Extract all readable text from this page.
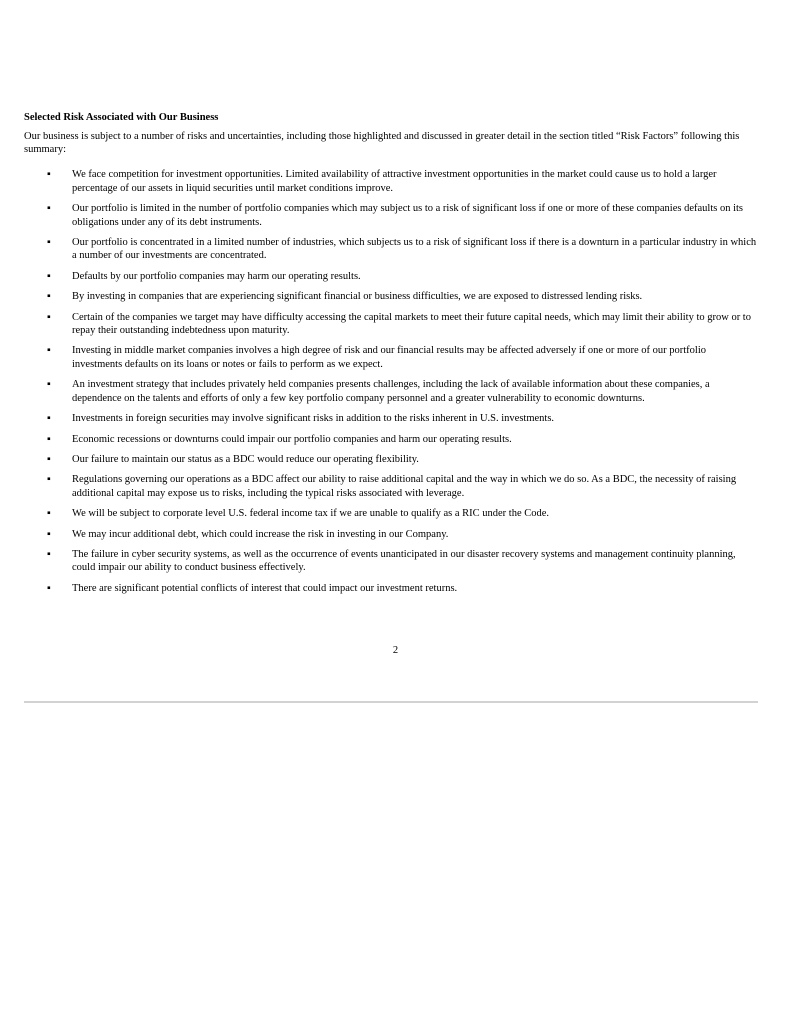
Selected Risk Associated with Our Business
Our business is subject to a number of risks and uncertainties, including those highlighted and discussed in greater detail in the section titled “Risk Factors” following this summary:
▪ We face competition for investment opportunities. Limited availability of attractive investment opportunities in the market could cause us to hold a larger percentage of our assets in liquid securities until market conditions improve.
▪ Our portfolio is limited in the number of portfolio companies which may subject us to a risk of significant loss if one or more of these companies defaults on its obligations under any of its debt instruments.
▪ Our portfolio is concentrated in a limited number of industries, which subjects us to a risk of significant loss if there is a downturn in a particular industry in which a number of our investments are concentrated.
▪ Defaults by our portfolio companies may harm our operating results.
▪ By investing in companies that are experiencing significant financial or business difficulties, we are exposed to distressed lending risks.
▪ Certain of the companies we target may have difficulty accessing the capital markets to meet their future capital needs, which may limit their ability to grow or to repay their outstanding indebtedness upon maturity.
▪ Investing in middle market companies involves a high degree of risk and our financial results may be affected adversely if one or more of our portfolio investments defaults on its loans or notes or fails to perform as we expect.
▪ An investment strategy that includes privately held companies presents challenges, including the lack of available information about these companies, a dependence on the talents and efforts of only a few key portfolio company personnel and a greater vulnerability to economic downturns.
▪ Investments in foreign securities may involve significant risks in addition to the risks inherent in U.S. investments.
▪ Economic recessions or downturns could impair our portfolio companies and harm our operating results.
▪ Our failure to maintain our status as a BDC would reduce our operating flexibility.
▪ Regulations governing our operations as a BDC affect our ability to raise additional capital and the way in which we do so. As a BDC, the necessity of raising additional capital may expose us to risks, including the typical risks associated with leverage.
▪ We will be subject to corporate level U.S. federal income tax if we are unable to qualify as a RIC under the Code.
▪ We may incur additional debt, which could increase the risk in investing in our Company.
▪ The failure in cyber security systems, as well as the occurrence of events unanticipated in our disaster recovery systems and management continuity planning, could impair our ability to conduct business effectively.
▪ There are significant potential conflicts of interest that could impact our investment returns.
2
